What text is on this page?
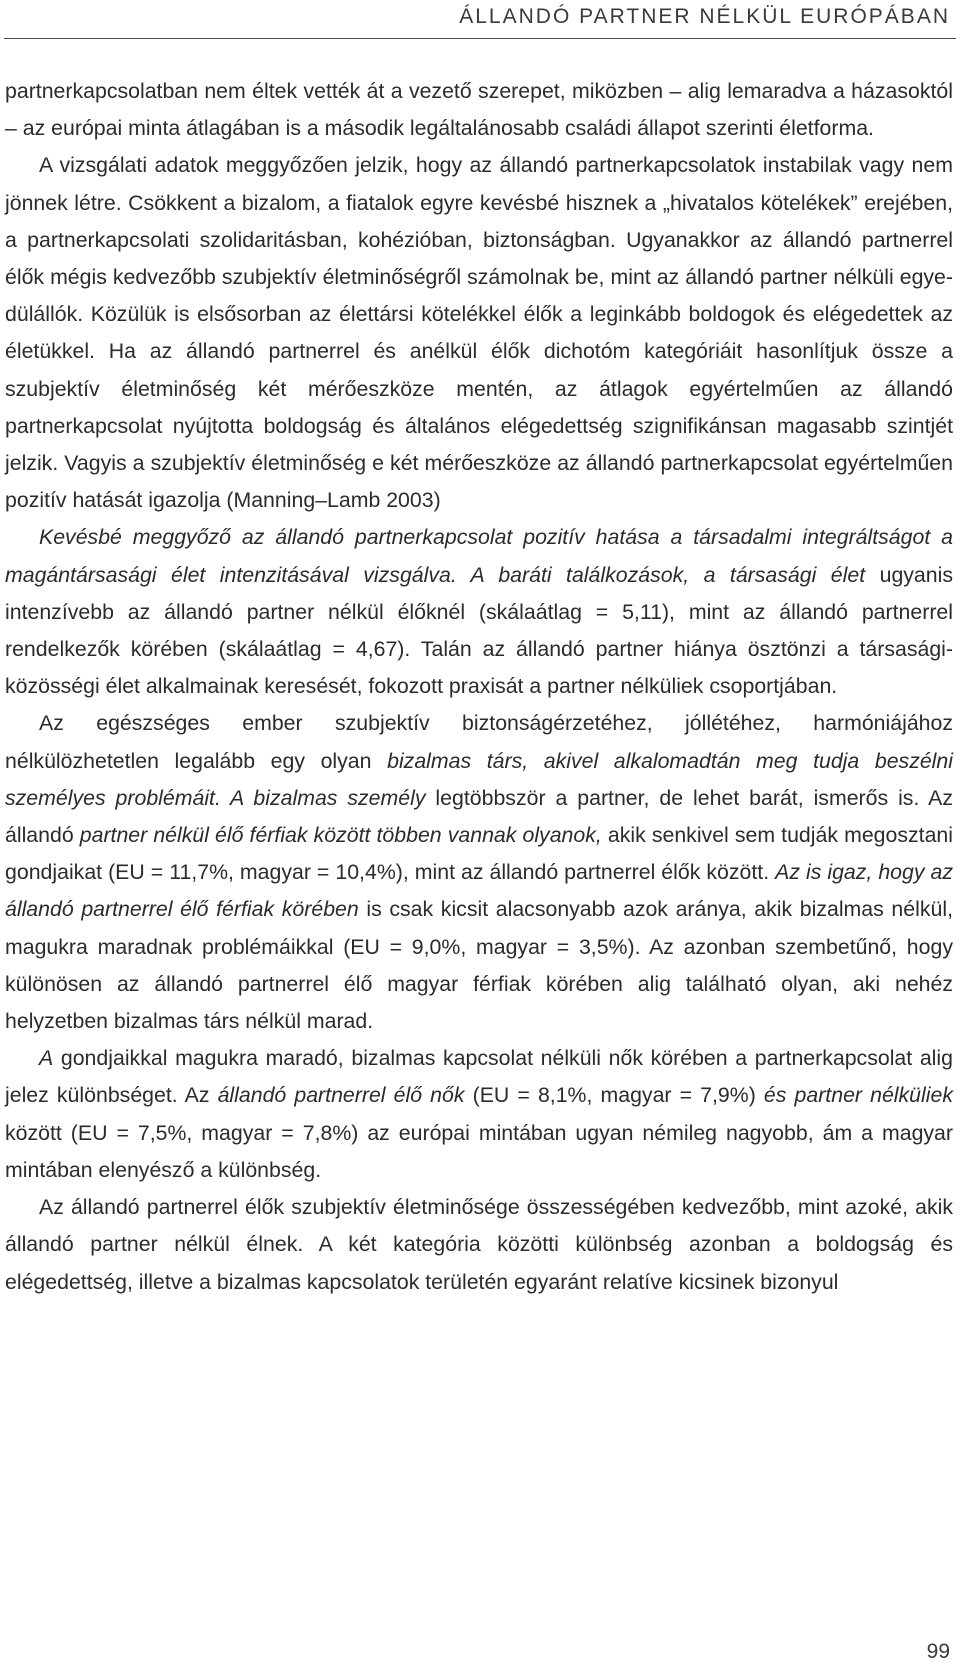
ÁLLANDÓ PARTNER NÉLKÜL EURÓPÁBAN

partnerkapcsolatban nem éltek vették át a vezető szerepet, miközben – alig lemaradva a házasoktól – az európai minta átlagában is a második legáltalánosabb családi állapot szerinti életforma.

A vizsgálati adatok meggyőzően jelzik, hogy az állandó partnerkapcsolatok instabilak vagy nem jönnek létre. Csökkent a bizalom, a fiatalok egyre kevésbé hisznek a „hivatalos kötelékek” erejében, a partnerkapcsolati szolidaritásban, kohézióban, biztonságban. Ugyanakkor az állandó partnerrel élők mégis kedvezőbb szubjektív életminőségről számolnak be, mint az állandó partner nélküli egyedülállók. Közülük is elsősorban az élettársi kötelékkel élők a leginkább boldogok és elégedettek az életükkel. Ha az állandó partnerrel és anélkül élők dichotóm kategóriáit hasonlítjuk össze a szubjektív életminőség két mérőeszköze mentén, az átlagok egyértelműen az állandó partnerkapcsolat nyújtotta boldogság és általános elégedettség szignifikánsan magasabb szintjét jelzik. Vagyis a szubjektív életminőség e két mérőeszköze az állandó partnerkapcsolat egyértelműen pozitív hatását igazolja (Manning–Lamb 2003)

Kevésbé meggyőző az állandó partnerkapcsolat pozitív hatása a társadalmi integráltságot a magántársasági élet intenzitásával vizsgálva. A baráti találkozások, a társasági élet ugyanis intenzívebb az állandó partner nélkül élőknél (skálaátlag = 5,11), mint az állandó partnerrel rendelkezők körében (skálaátlag = 4,67). Talán az állandó partner hiánya ösztönzi a társasági-közösségi élet alkalmainak keresését, fokozott praxisát a partner nélküliek csoportjában.

Az egészséges ember szubjektív biztonságérzetéhez, jóllétéhez, harmóniájához nélkülözhetetlen legalább egy olyan bizalmas társ, akivel alkalomadtán meg tudja beszélni személyes problémáit. A bizalmas személy legtöbbször a partner, de lehet barát, ismerős is. Az állandó partner nélkül élő férfiak között többen vannak olyanok, akik senkivel sem tudják megosztani gondjaikat (EU = 11,7%, magyar = 10,4%), mint az állandó partnerrel élők között. Az is igaz, hogy az állandó partnerrel élő férfiak körében is csak kicsit alacsonyabb azok aránya, akik bizalmas nélkül, magukra maradnak problémáikkal (EU = 9,0%, magyar = 3,5%). Az azonban szembetűnő, hogy különösen az állandó partnerrel élő magyar férfiak körében alig található olyan, aki nehéz helyzetben bizalmas társ nélkül marad.

A gondjaikkal magukra maradó, bizalmas kapcsolat nélküli nők körében a partnerkapcsolat alig jelez különbséget. Az állandó partnerrel élő nők (EU = 8,1%, magyar = 7,9%) és partner nélküliek között (EU = 7,5%, magyar = 7,8%) az európai mintában ugyan némileg nagyobb, ám a magyar mintában elenyésző a különbség.

Az állandó partnerrel élők szubjektív életminősége összességében kedvezőbb, mint azoké, akik állandó partner nélkül élnek. A két kategória közötti különbség azonban a boldogság és elégedettség, illetve a bizalmas kapcsolatok területén egyaránt relatíve kicsinek bizonyul

99
